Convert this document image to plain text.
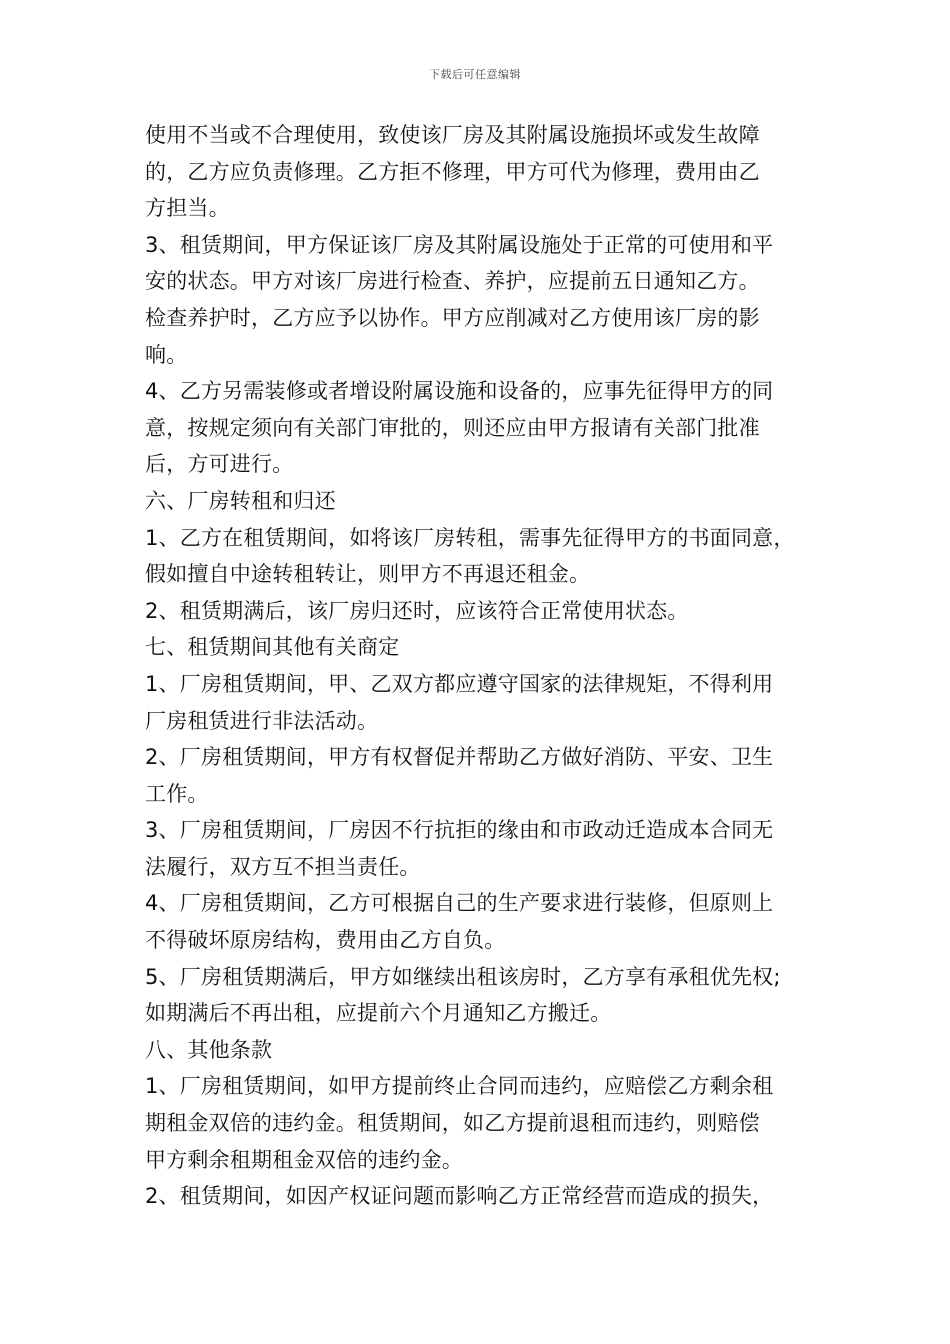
下载后可任意编辑
使用不当或不合理使用，致使该厂房及其附属设施损坏或发生故障
的，乙方应负责修理。乙方拒不修理，甲方可代为修理，费用由乙
方担当。
3、租赁期间，甲方保证该厂房及其附属设施处于正常的可使用和平
安的状态。甲方对该厂房进行检查、养护，应提前五日通知乙方。
检查养护时，乙方应予以协作。甲方应削减对乙方使用该厂房的影
响。
4、乙方另需装修或者增设附属设施和设备的，应事先征得甲方的同
意，按规定须向有关部门审批的，则还应由甲方报请有关部门批准
后，方可进行。
六、厂房转租和归还
1、乙方在租赁期间，如将该厂房转租，需事先征得甲方的书面同意，
假如擅自中途转租转让，则甲方不再退还租金。
2、租赁期满后，该厂房归还时，应该符合正常使用状态。
七、租赁期间其他有关商定
1、厂房租赁期间，甲、乙双方都应遵守国家的法律规矩，不得利用
厂房租赁进行非法活动。
2、厂房租赁期间，甲方有权督促并帮助乙方做好消防、平安、卫生
工作。
3、厂房租赁期间，厂房因不行抗拒的缘由和市政动迁造成本合同无
法履行，双方互不担当责任。
4、厂房租赁期间，乙方可根据自己的生产要求进行装修，但原则上
不得破坏原房结构，费用由乙方自负。
5、厂房租赁期满后，甲方如继续出租该房时，乙方享有承租优先权;
如期满后不再出租，应提前六个月通知乙方搬迁。
八、其他条款
1、厂房租赁期间，如甲方提前终止合同而违约，应赔偿乙方剩余租
期租金双倍的违约金。租赁期间，如乙方提前退租而违约，则赔偿
甲方剩余租期租金双倍的违约金。
2、租赁期间，如因产权证问题而影响乙方正常经营而造成的损失，
